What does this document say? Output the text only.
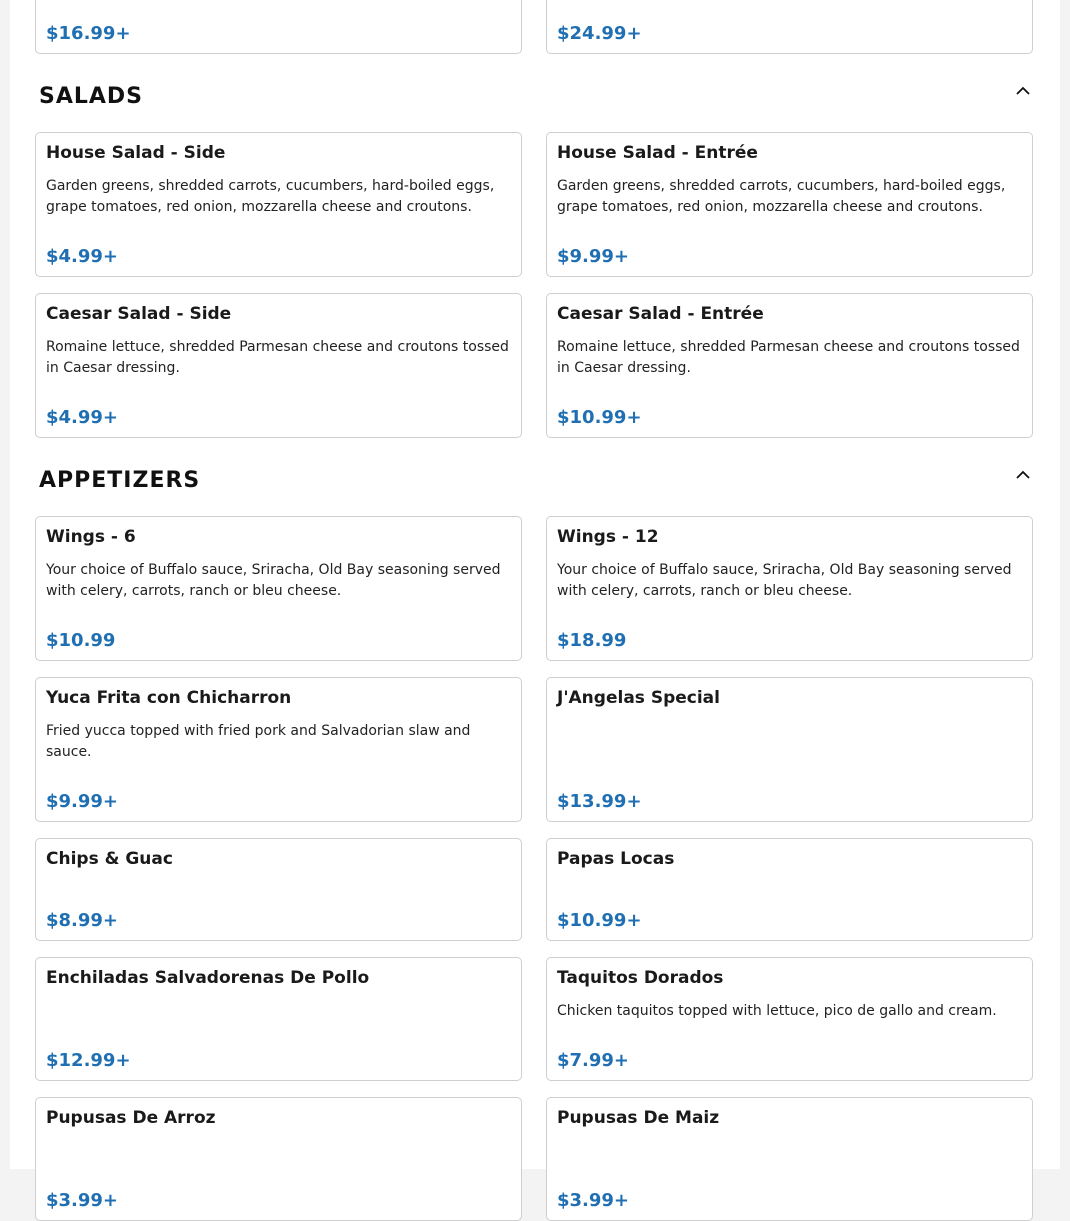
$16.99+	$24.99+
SALADS
House Salad - Side
Garden greens, shredded carrots, cucumbers, hard-boiled eggs, grape tomatoes, red onion, mozzarella cheese and croutons.
$4.99+
House Salad - Entrée
Garden greens, shredded carrots, cucumbers, hard-boiled eggs, grape tomatoes, red onion, mozzarella cheese and croutons.
$9.99+
Caesar Salad - Side
Romaine lettuce, shredded Parmesan cheese and croutons tossed in Caesar dressing.
$4.99+
Caesar Salad - Entrée
Romaine lettuce, shredded Parmesan cheese and croutons tossed in Caesar dressing.
$10.99+
APPETIZERS
Wings - 6
Your choice of Buffalo sauce, Sriracha, Old Bay seasoning served with celery, carrots, ranch or bleu cheese.
$10.99
Wings - 12
Your choice of Buffalo sauce, Sriracha, Old Bay seasoning served with celery, carrots, ranch or bleu cheese.
$18.99
Yuca Frita con Chicharron
Fried yucca topped with fried pork and Salvadorian slaw and sauce.
$9.99+
J'Angelas Special
$13.99+
Chips & Guac
$8.99+
Papas Locas
$10.99+
Enchiladas Salvadorenas De Pollo
$12.99+
Taquitos Dorados
Chicken taquitos topped with lettuce, pico de gallo and cream.
$7.99+
Pupusas De Arroz
$3.99+
Pupusas De Maiz
$3.99+
